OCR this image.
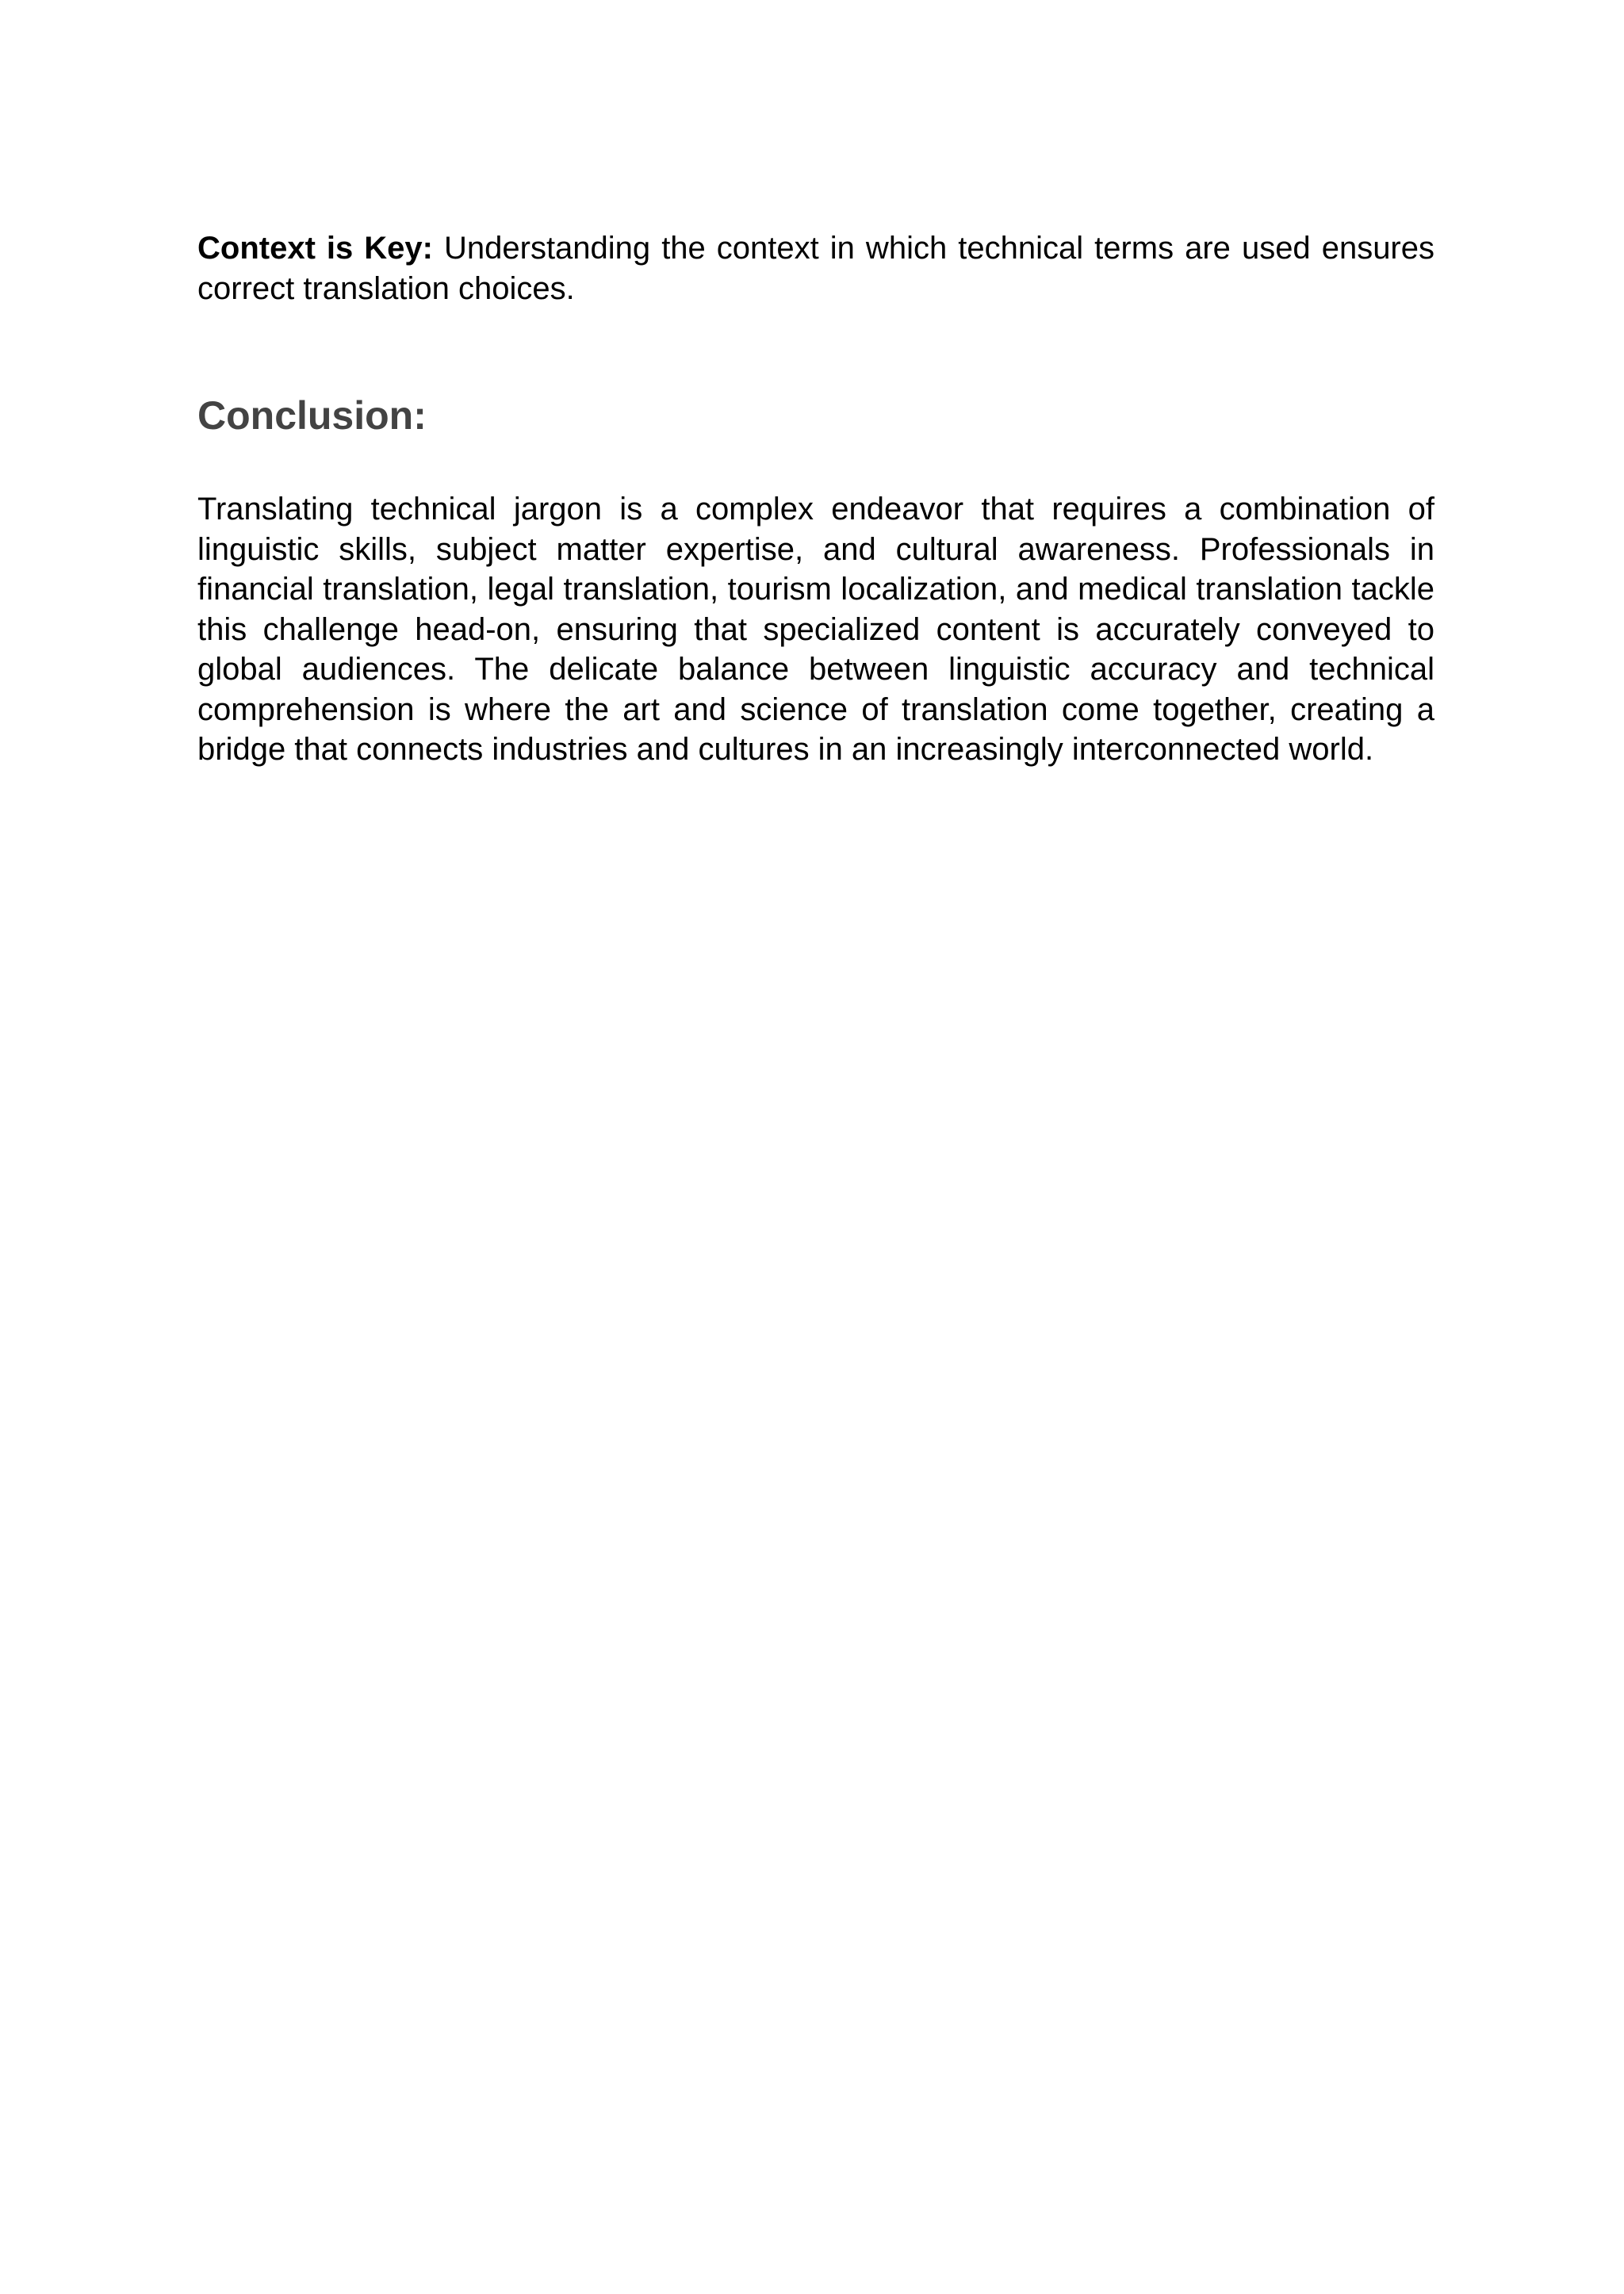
Context is Key: Understanding the context in which technical terms are used ensures correct translation choices.

Conclusion:

Translating technical jargon is a complex endeavor that requires a combination of linguistic skills, subject matter expertise, and cultural awareness. Professionals in financial translation, legal translation, tourism localization, and medical translation tackle this challenge head-on, ensuring that specialized content is accurately conveyed to global audiences. The delicate balance between linguistic accuracy and technical comprehension is where the art and science of translation come together, creating a bridge that connects industries and cultures in an increasingly interconnected world.
